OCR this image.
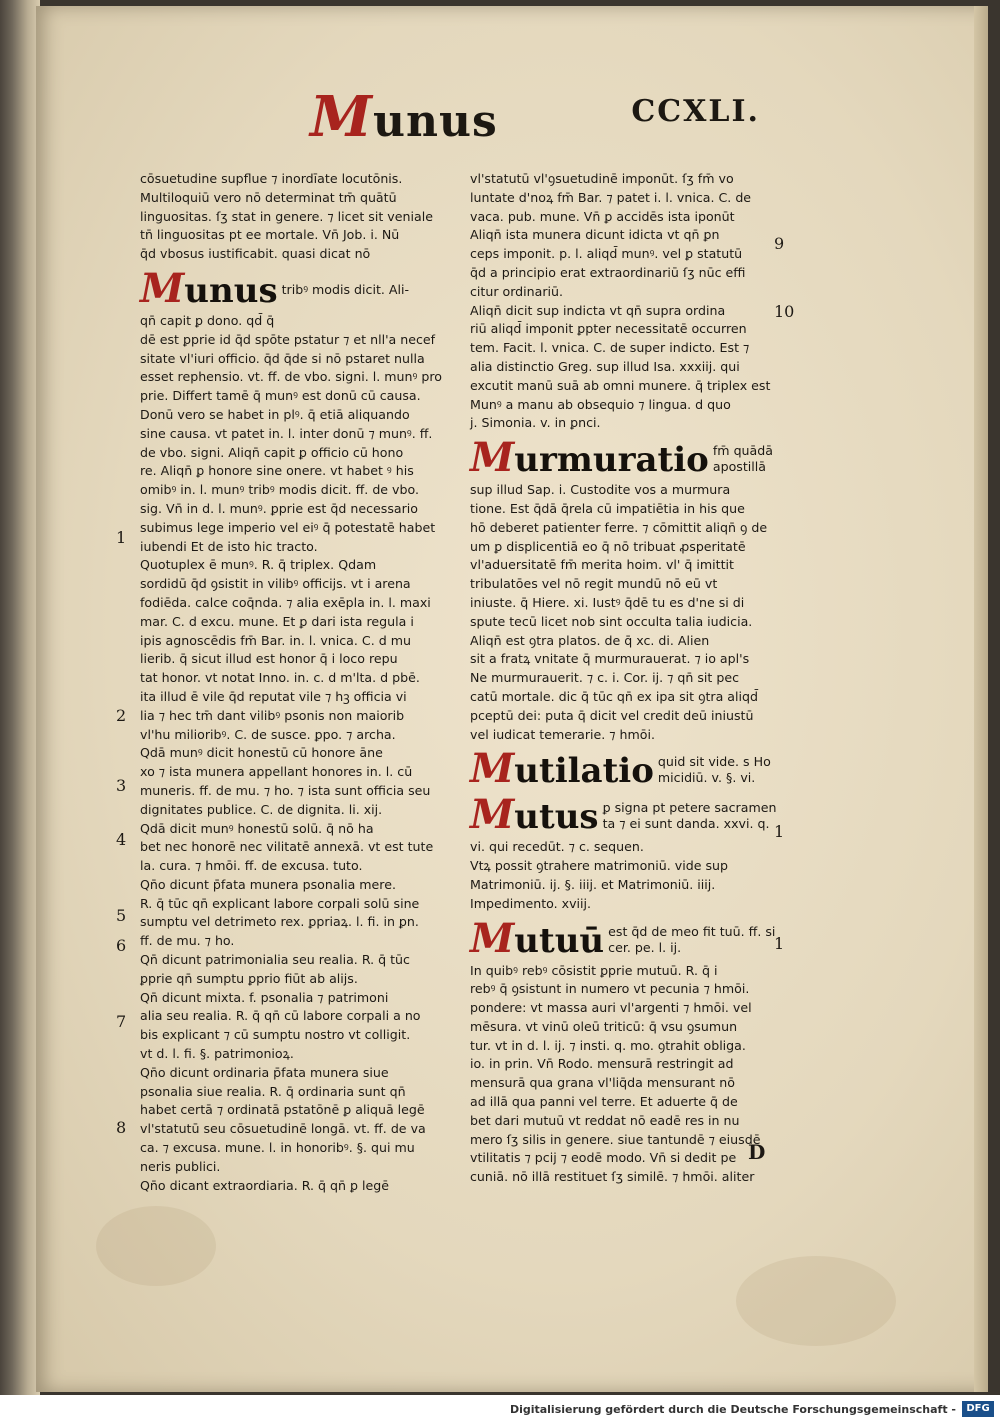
Munus	CCXLI.
cōsuetudine supflue ⁊ inordīate locutōnis.
Multiloquiū vero nō determinat tm̄ quātū
linguositas. ſʒ stat in genere. ⁊ licet sit veniale
tn̄ linguositas pt ee mortale. Vn̄ Job. i. Nū
q̄d vbosus iustificabit. quasi dicat nō
Munus tribꝰ modis dicit. Ali-
qn̄ capit ꝑ dono. qd̄ q̄
dē est ꝑprie id q̄d spōte pstatur ⁊ et nll'a necef
sitate vl'iuri officio. q̄d q̄de si nō pstaret nulla
esset rephensio. vt. ff. de vbo. signi. l. munꝰ pro
prie. Differt tamē q̄ munꝰ est donū cū causa.
Donū vero se habet in plꝰ. q̄ etiā aliquando
sine causa. vt patet in. l. inter donū ⁊ munꝰ. ff.
de vbo. signi. Aliqn̄ capit ꝑ officio cū hono
re. Aliqn̄ ꝑ honore sine onere. vt habet ꝰ his
omibꝰ in. l. munꝰ tribꝰ modis dicit. ff. de vbo.
sig. Vn̄ in d. l. munꝰ. ꝑprie est q̄d necessario
subimus lege imperio vel eiꝰ q̄ potestatē habet
iubendi Et de isto hic tracto.
Quotuplex ē munꝰ. R. q̄ triplex. Qdam
sordidū q̄d ꝯsistit in vilibꝰ officijs. vt i arena
fodiēda. calce coq̄nda. ⁊ alia exēpla in. l. maxi
mar. C. d excu. mune. Et ꝑ dari ista regula i
ipis agnoscēdis fm̄ Bar. in. l. vnica. C. d mu
lierib. q̄ sicut illud est honor q̄ i loco repu
tat honor. vt notat Inno. in. c. d m'lta. d pbē.
ita illud ē vile q̄d reputat vile ⁊ hꝫ officia vi
lia ⁊ hec tm̄ dant vilibꝰ psonis non maiorib
vl'hu milioribꝰ. C. de susce. ꝑpo. ⁊ archa.
Qdā munꝰ dicit honestū cū honore āne
xo ⁊ ista munera appellant honores in. l. cū
muneris. ff. de mu. ⁊ ho. ⁊ ista sunt officia seu
dignitates publice. C. de dignita. li. xij.
Qdā dicit munꝰ honestū solū. q̄ nō ha
bet nec honorē nec vilitatē annexā. vt est tute
la. cura. ⁊ hmōi. ff. de excusa. tuto.
Qn̄o dicunt p̄fata munera psonalia mere.
R. q̄ tūc qn̄ explicant labore corpali solū sine
sumptu vel detrimeto rex. ꝑpriaꝝ. l. fi. in ꝑn.
ff. de mu. ⁊ ho.
Qn̄ dicunt patrimonialia seu realia. R. q̄ tūc
ꝑprie qn̄ sumptu ꝑprio fiūt ab alijs.
Qn̄ dicunt mixta. f. psonalia ⁊ patrimoni
alia seu realia. R. q̄ qn̄ cū labore corpali a no
bis explicant ⁊ cū sumptu nostro vt colligit.
vt d. l. fi. §. patrimonioꝝ.
Qn̄o dicunt ordinaria p̄fata munera siue
psonalia siue realia. R. q̄ ordinaria sunt qn̄
habet certā ⁊ ordinatā pstatōnē ꝑ aliquā legē
vl'statutū seu cōsuetudinē longā. vt. ff. de va
ca. ⁊ excusa. mune. l. in honoribꝰ. §. qui mu
neris publici.
Qn̄o dicant extraordiaria. R. q̄ qn̄ ꝑ legē
vl'statutū vl'ꝯsuetudinē imponūt. ſʒ fm̄ vo
luntate d'noꝝ fm̄ Bar. ⁊ patet i. l. vnica. C. de
vaca. pub. mune. Vn̄ ꝑ accidēs ista iponūt
Aliqn̄ ista munera dicunt idicta vt qn̄ ꝑn
ceps imponit. p. l. aliqd̄ munꝰ. vel ꝑ statutū
q̄d a principio erat extraordinariū ſʒ nūc effi
citur ordinariū.
Aliqn̄ dicit sup indicta vt qn̄ supra ordina
riū aliqd̄ imponit ꝑpter necessitatē occurren
tem. Facit. l. vnica. C. de super indicto. Est ⁊
alia distinctio Greg. sup illud Isa. xxxiij. qui
excutit manū suā ab omni munere. q̄ triplex est
Munꝰ a manu ab obsequio ⁊ lingua. d quo
j. Simonia. v. in ꝑnci.
Murmuratio fm̄ quādā
apostillā
sup illud Sap. i. Custodite vos a murmura
tione. Est q̄dā q̄rela cū impatiētia in his que
hō deberet patienter ferre. ⁊ cōmittit aliqn̄ ꝯ de
um ꝑ displicentiā eo q̄ nō tribuat ꝓsperitatē
vl'aduersitatē fm̄ merita hoim. vl' q̄ imittit
tribulatōes vel nō regit mundū nō eū vt
iniuste. q̄ Hiere. xi. Iustꝰ q̄dē tu es d'ne si di
spute tecū licet nob sint occulta talia iudicia.
Aliqn̄ est ꝯtra platos. de q̄ xc. di. Alien
sit a fratꝝ vnitate q̄ murmurauerat. ⁊ io apl's
Ne murmurauerit. ⁊ c. i. Cor. ij. ⁊ qn̄ sit pec
catū mortale. dic q̄ tūc qn̄ ex ipa sit ꝯtra aliqd̄
pceptū dei: puta q̄ dicit vel credit deū iniustū
vel iudicat temerarie. ⁊ hmōi.
Mutilatio quid sit vide. s Ho
micidiū. v. §. vi.
Mutus ꝑ signa pt petere sacramen
ta ⁊ ei sunt danda. xxvi. q.
vi. qui recedūt. ⁊ c. sequen.
Vtꝝ possit ꝯtrahere matrimoniū. vide sup
Matrimoniū. ij. §. iiij. et Matrimoniū. iiij.
Impedimento. xviij.
Mutuū est q̄d de meo fit tuū. ff. si
cer. pe. l. ij.
In quibꝰ rebꝰ cōsistit ꝑprie mutuū. R. q̄ i
rebꝰ q̄ ꝯsistunt in numero vt pecunia ⁊ hmōi.
pondere: vt massa auri vl'argenti ⁊ hmōi. vel
mēsura. vt vinū oleū triticū: q̄ vsu ꝯsumun
tur. vt in d. l. ij. ⁊ insti. q. mo. ꝯtrahit obliga.
io. in prin. Vn̄ Rodo. mensurā restringit ad
mensurā qua grana vl'liq̄da mensurant nō
ad illā qua panni vel terre. Et aduerte q̄ de
bet dari mutuū vt reddat nō eadē res in nu
mero ſʒ silis in genere. siue tantundē ⁊ eiusdē
vtilitatis ⁊ pcij ⁊ eodē modo. Vn̄ si dedit pe
cuniā. nō illā restituet ſʒ similē. ⁊ hmōi. aliter
1
2
3
4
5
6
7
8
9
10
1
1
D
Digitalisierung gefördert durch die Deutsche Forschungsgemeinschaft -	DFG
